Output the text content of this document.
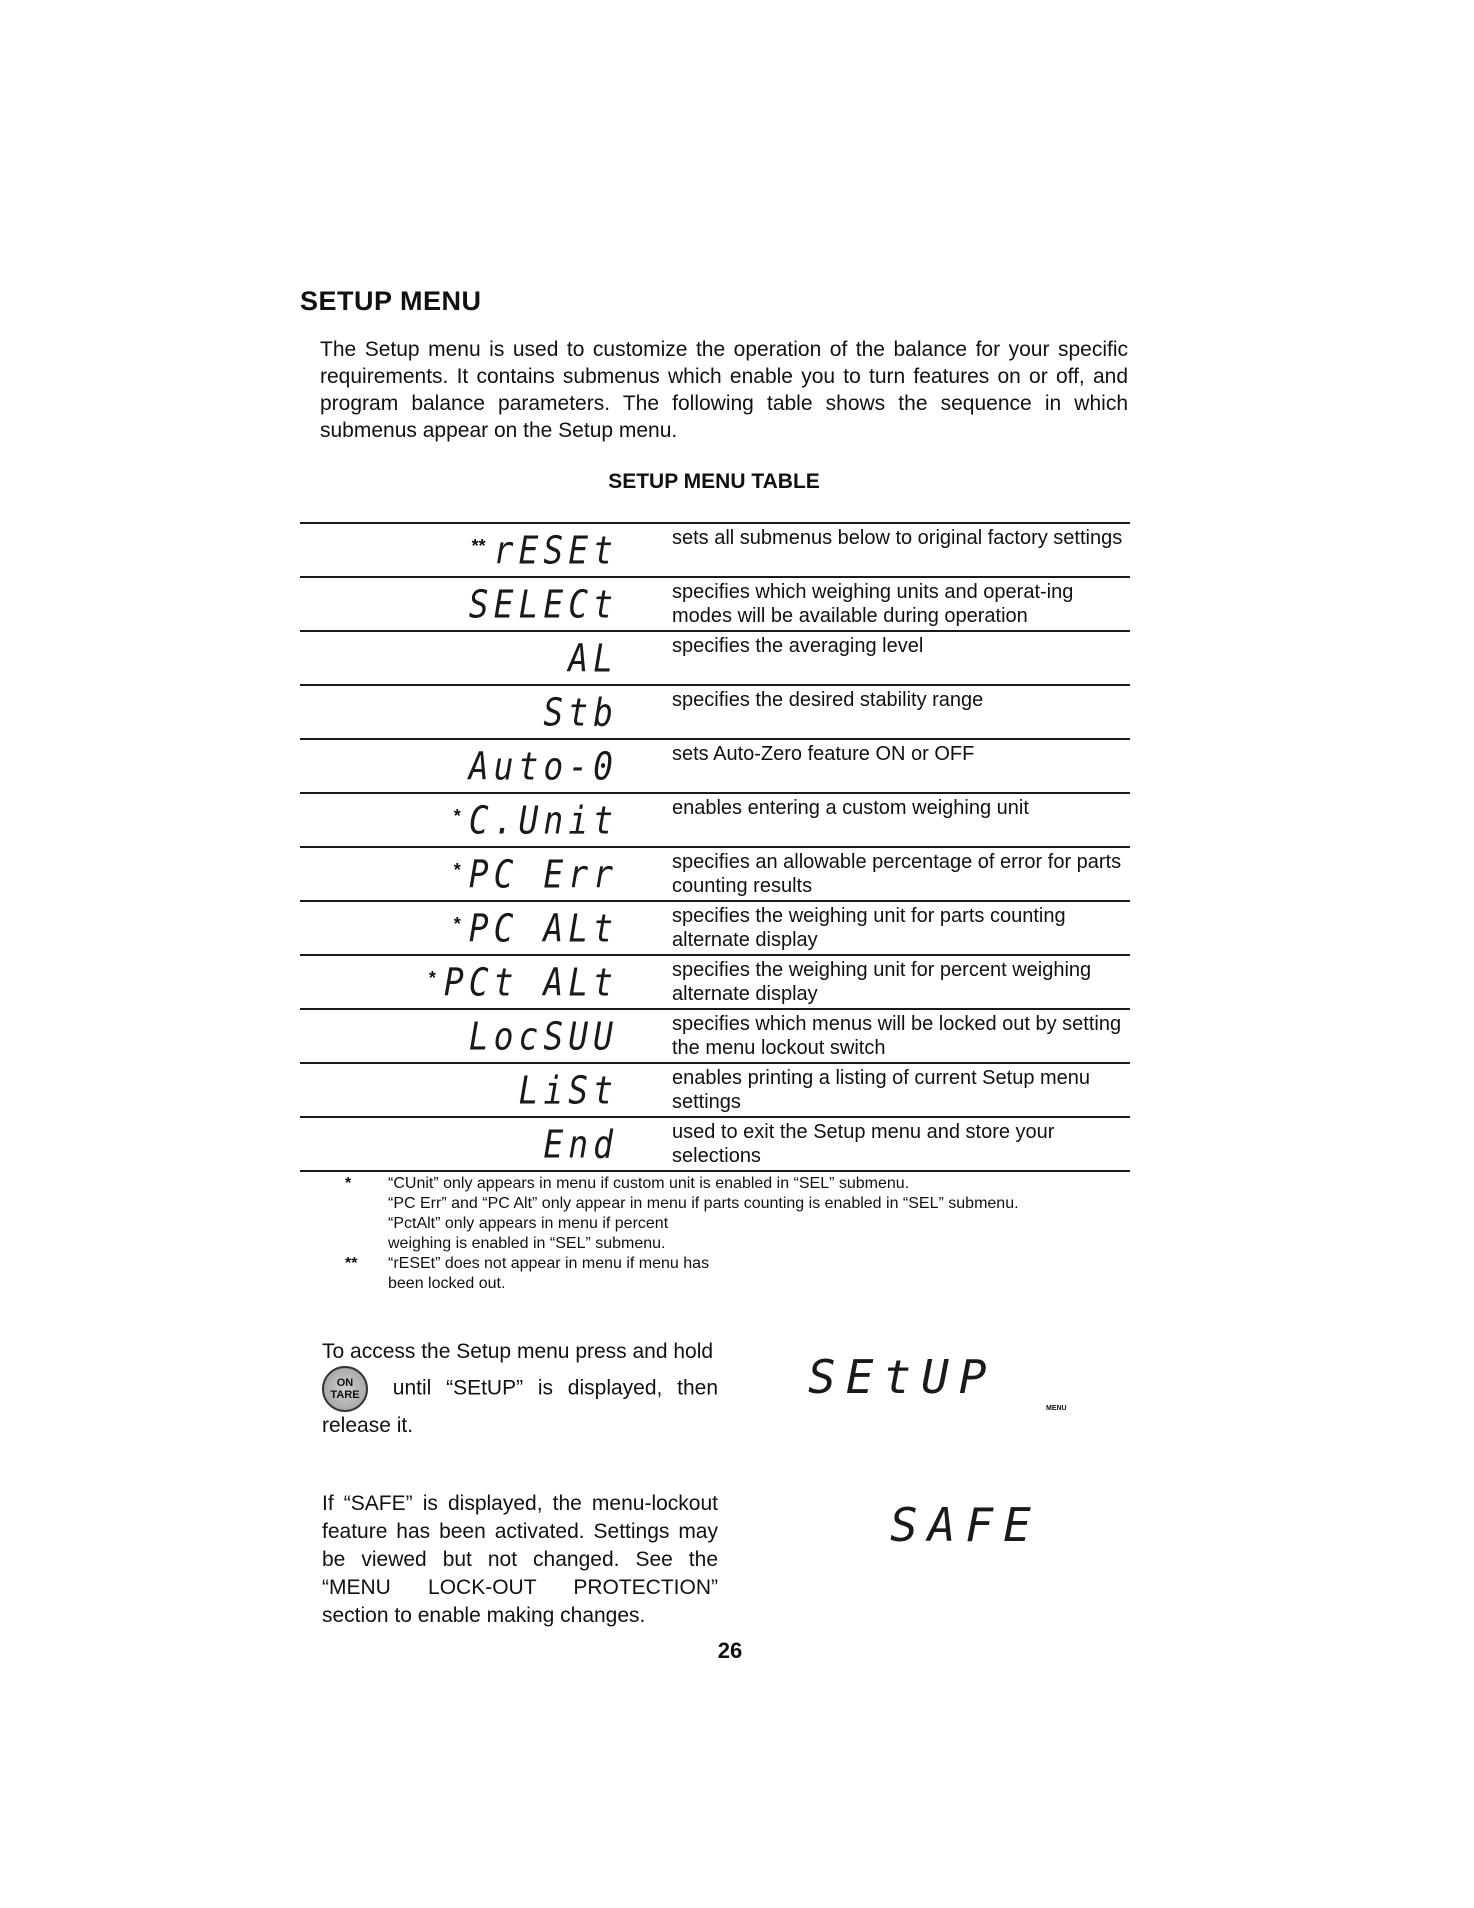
SETUP MENU
The Setup menu is used to customize the operation of the balance for your specific requirements. It contains submenus which enable you to turn features on or off, and program balance parameters. The following table shows the sequence in which submenus appear on the Setup menu.
SETUP MENU TABLE
** rESEt	sets all submenus below to original factory settings
SELECt	specifies which weighing units and operat-ing modes will be available during operation
AL	specifies the averaging level
Stb	specifies the desired stability range
Auto-0	sets Auto-Zero feature ON or OFF
* C.Unit	enables entering a custom weighing unit
* PC Err	specifies an allowable percentage of error for parts counting results
* PC ALt	specifies the weighing unit for parts counting alternate display
* PCt ALt	specifies the weighing unit for percent weighing alternate display
LocSUU	specifies which menus will be locked out by setting the menu lockout switch
LiSt	enables printing a listing of current Setup menu settings
End	used to exit the Setup menu and store your selections
*	“CUnit” only appears in menu if custom unit is enabled in “SEL” submenu.
“PC Err” and “PC Alt” only appear in menu if parts counting is enabled in “SEL” submenu.

“PctAlt” only appears in menu if percent weighing is enabled in “SEL” submenu.
**	“rESEt” does not appear in menu if menu has been locked out.
To access the Setup menu press and hold

ON
TARE until “SEtUP” is displayed, then release it.
SEtUP
MENU
If “SAFE” is displayed, the menu-lockout feature has been activated. Settings may be viewed but not changed. See the “MENU LOCK-OUT PROTECTION” section to enable making changes.
SAFE
26
